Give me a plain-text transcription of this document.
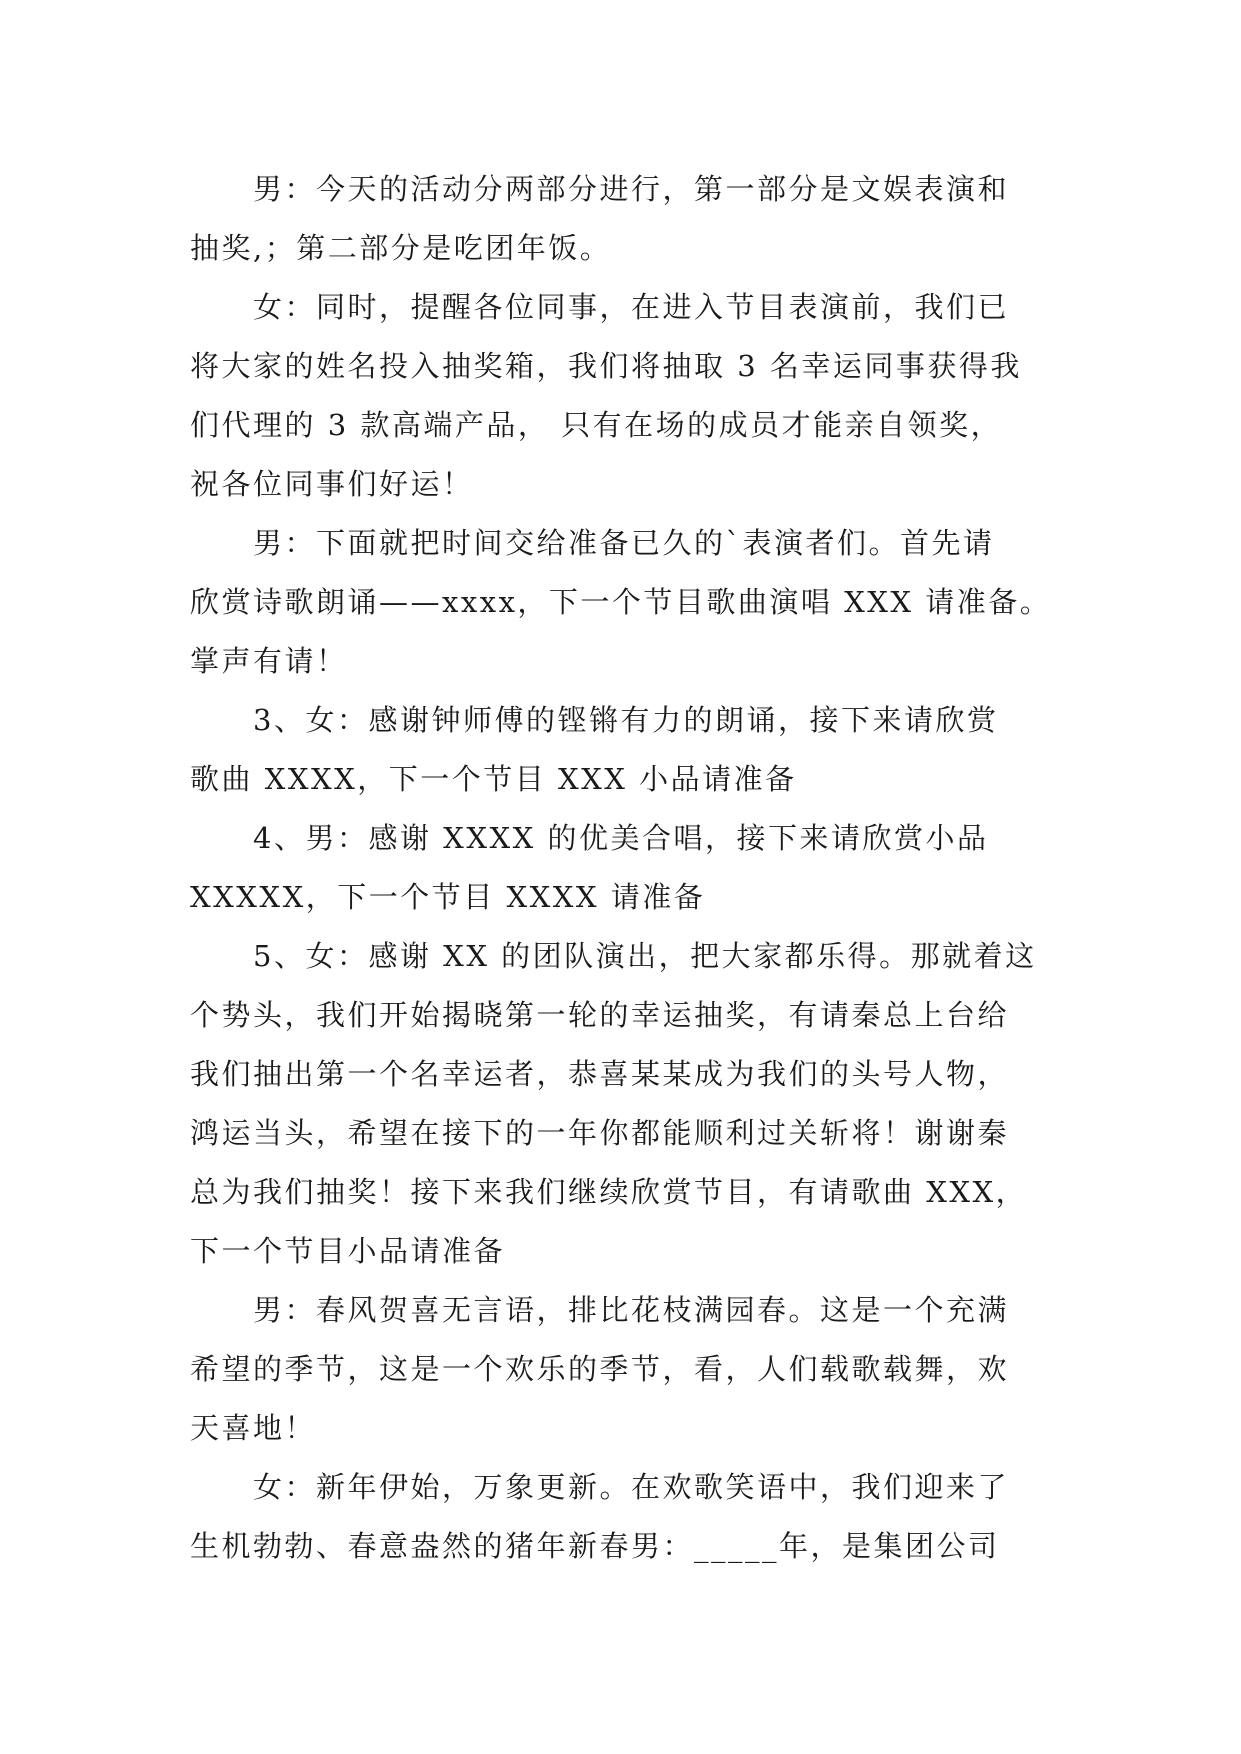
男：今天的活动分两部分进行，第一部分是文娱表演和
抽奖,；第二部分是吃团年饭。
女：同时，提醒各位同事，在进入节目表演前，我们已
将大家的姓名投入抽奖箱，我们将抽取 3 名幸运同事获得我
们代理的 3 款高端产品， 只有在场的成员才能亲自领奖，
祝各位同事们好运！
男：下面就把时间交给准备已久的`表演者们。首先请
欣赏诗歌朗诵——xxxx，下一个节目歌曲演唱 XXX 请准备。
掌声有请！
3、女：感谢钟师傅的铿锵有力的朗诵，接下来请欣赏
歌曲 XXXX，下一个节目 XXX 小品请准备
4、男：感谢 XXXX 的优美合唱，接下来请欣赏小品
XXXXX，下一个节目 XXXX 请准备
5、女：感谢 XX 的团队演出，把大家都乐得。那就着这
个势头，我们开始揭晓第一轮的幸运抽奖，有请秦总上台给
我们抽出第一个名幸运者，恭喜某某成为我们的头号人物，
鸿运当头，希望在接下的一年你都能顺利过关斩将！谢谢秦
总为我们抽奖！接下来我们继续欣赏节目，有请歌曲 XXX，
下一个节目小品请准备
男：春风贺喜无言语，排比花枝满园春。这是一个充满
希望的季节，这是一个欢乐的季节，看，人们载歌载舞，欢
天喜地！
女：新年伊始，万象更新。在欢歌笑语中，我们迎来了
生机勃勃、春意盎然的猪年新春男：_____年，是集团公司
